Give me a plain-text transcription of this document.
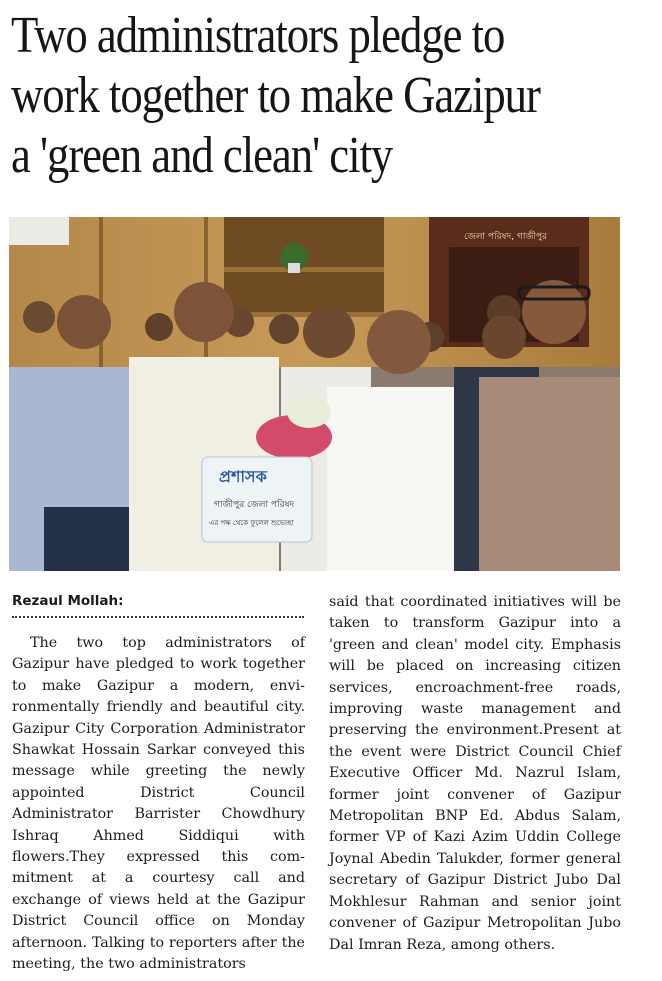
Two administrators pledge to
work together to make Gazipur
a 'green and clean' city
জেলা পরিষদ, গাজীপুর
প্রশাসক
গাজীপুর জেলা পরিষদ
এর পক্ষ থেকে ফুলেল শুভেচ্ছা
Rezaul Mollah:
The two top administrators of Gazipur have pledged to work together to make Gazipur a modern, environmentally friendly and beautiful city. Gazipur City Corporation Administrator Shawkat Hossain Sarkar conveyed this message while greeting the newly appointed District Council Administrator Barrister Chowdhury Ishraq Ahmed Siddiqui with flowers.They expressed this commitment at a courtesy call and exchange of views held at the Gazipur District Council office on Monday afternoon. Talking to reporters after the meeting, the two administrators
said that coordinated initiatives will be taken to transform Gazipur into a 'green and clean' model city. Emphasis will be placed on increasing citizen services, encroachment-free roads, improving waste management and preserving the environment.Present at the event were District Council Chief Executive Officer Md. Nazrul Islam, former joint convener of Gazipur Metropolitan BNP Ed. Abdus Salam, former VP of Kazi Azim Uddin College Joynal Abedin Talukder, former general secretary of Gazipur District Jubo Dal Mokhlesur Rahman and senior joint convener of Gazipur Metropolitan Jubo Dal Imran Reza, among others.
